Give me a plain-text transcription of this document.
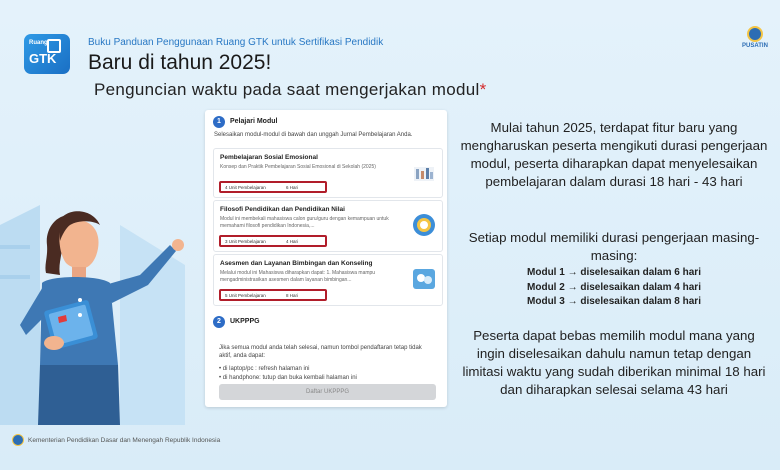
Ruang
GTK
Buku Panduan Penggunaan Ruang GTK untuk Sertifikasi Pendidik
Baru di tahun 2025!
Penguncian waktu pada saat mengerjakan modul*
PUSATIN
1	Pelajari Modul
Selesaikan modul-modul di bawah dan unggah Jurnal Pembelajaran Anda.
Pembelajaran Sosial Emosional
Konsep dan Praktik Pembelajaran Sosial Emosional di Sekolah (2025)
4 Unit Pembelajaran	6 Hari
Filosofi Pendidikan dan Pendidikan Nilai
Modul ini membekali mahasiswa calon guru/guru dengan kemampuan untuk memahami filosofi pendidikan Indonesia,...
3 Unit Pembelajaran	4 Hari
Asesmen dan Layanan Bimbingan dan Konseling
Melalui modul ini Mahasiswa diharapkan dapat: 1. Mahasiswa mampu mengadministrasikan asesmen dalam layanan bimbingan...
5 Unit Pembelajaran	8 Hari
2	UKPPPG
Jika semua modul anda telah selesai, namun tombol pendaftaran tetap tidak aktif, anda dapat:
• di laptop/pc : refresh halaman ini
• di handphone: tutup dan buka kembali halaman ini
Daftar UKPPPG
Mulai tahun 2025, terdapat fitur baru yang mengharuskan peserta mengikuti durasi pengerjaan modul, peserta diharapkan dapat menyelesaikan pembelajaran dalam durasi 18 hari - 43 hari
Setiap modul memiliki durasi pengerjaan masing-masing:
Modul 1 → diselesaikan dalam 6 hari
Modul 2 → diselesaikan dalam 4 hari
Modul 3 → diselesaikan dalam 8 hari
Peserta dapat bebas memilih modul mana yang ingin diselesaikan dahulu namun tetap dengan limitasi waktu yang sudah diberikan minimal 18 hari dan diharapkan selesai selama 43 hari
Kementerian Pendidikan Dasar dan Menengah Republik Indonesia
